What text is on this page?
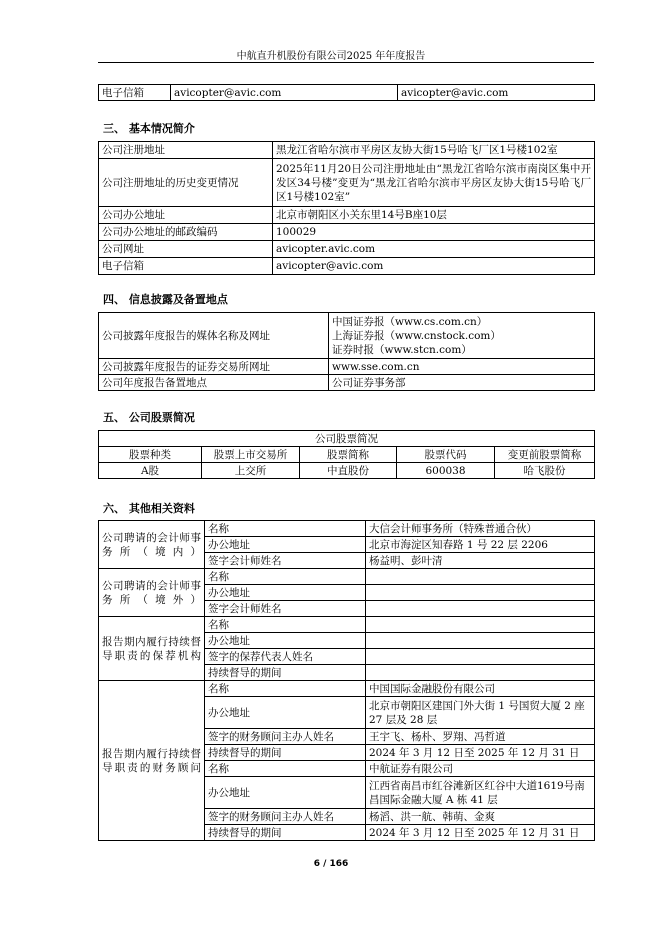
中航直升机股份有限公司2025 年年度报告
电子信箱	avicopter@avic.com	avicopter@avic.com
三、 基本情况简介
公司注册地址	黑龙江省哈尔滨市平房区友协大街15号哈飞厂区1号楼102室
公司注册地址的历史变更情况	2025年11月20日公司注册地址由“黑龙江省哈尔滨市南岗区集中开发区34号楼”变更为“黑龙江省哈尔滨市平房区友协大街15号哈飞厂区1号楼102室”
公司办公地址	北京市朝阳区小关东里14号B座10层
公司办公地址的邮政编码	100029
公司网址	avicopter.avic.com
电子信箱	avicopter@avic.com
四、 信息披露及备置地点
公司披露年度报告的媒体名称及网址	中国证券报（www.cs.com.cn）
上海证券报（www.cnstock.com）
证券时报（www.stcn.com）

公司披露年度报告的证券交易所网址	www.sse.com.cn
公司年度报告备置地点	公司证券事务部
五、 公司股票简况
公司股票简况				
股票种类	股票上市交易所	股票简称	股票代码	变更前股票简称
A股	上交所	中直股份	600038	哈飞股份
六、 其他相关资料
公司聘请的会计师事务所（境内）	名称	大信会计师事务所（特殊普通合伙）
	办公地址	北京市海淀区知春路 1 号 22 层 2206
	签字会计师姓名	杨益明、彭叶清
公司聘请的会计师事务所（境外）	名称	
	办公地址	
	签字会计师姓名	
报告期内履行持续督导职责的保荐机构	名称	
	办公地址	
	签字的保荐代表人姓名	
	持续督导的期间	
报告期内履行持续督导职责的财务顾问	名称	中国国际金融股份有限公司
	办公地址	北京市朝阳区建国门外大街 1 号国贸大厦 2 座 27 层及 28 层
	签字的财务顾问主办人姓名	王宇飞、杨朴、罗翔、冯哲道
	持续督导的期间	2024 年 3 月 12 日至 2025 年 12 月 31 日
	名称	中航证券有限公司
	办公地址	江西省南昌市红谷滩新区红谷中大道1619号南昌国际金融大厦 A 栋 41 层
	签字的财务顾问主办人姓名	杨滔、洪一航、韩萌、金爽
	持续督导的期间	2024 年 3 月 12 日至 2025 年 12 月 31 日
6 / 166
